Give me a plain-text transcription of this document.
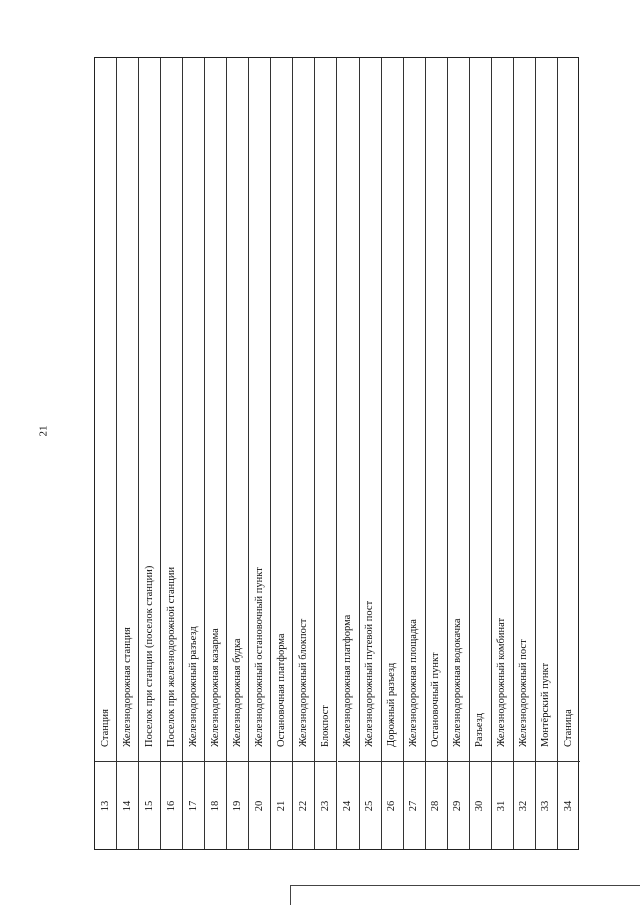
21
Станция
13
Железнодорожная станция
14
Поселок при станции (поселок станции)
15
Поселок при железнодорожной станции
16
Железнодорожный разъезд
17
Железнодорожная казарма
18
Железнодорожная будка
19
Железнодорожный остановочный пункт
20
Остановочная платформа
21
Железнодорожный блокпост
22
Блокпост
23
Железнодорожная платформа
24
Железнодорожный путевой пост
25
Дорожный разъезд
26
Железнодорожная площадка
27
Остановочный пункт
28
Железнодорожная водокачка
29
Разъезд
30
Железнодорожный комбинат
31
Железнодорожный пост
32
Монтёрский пункт
33
Станица
34
